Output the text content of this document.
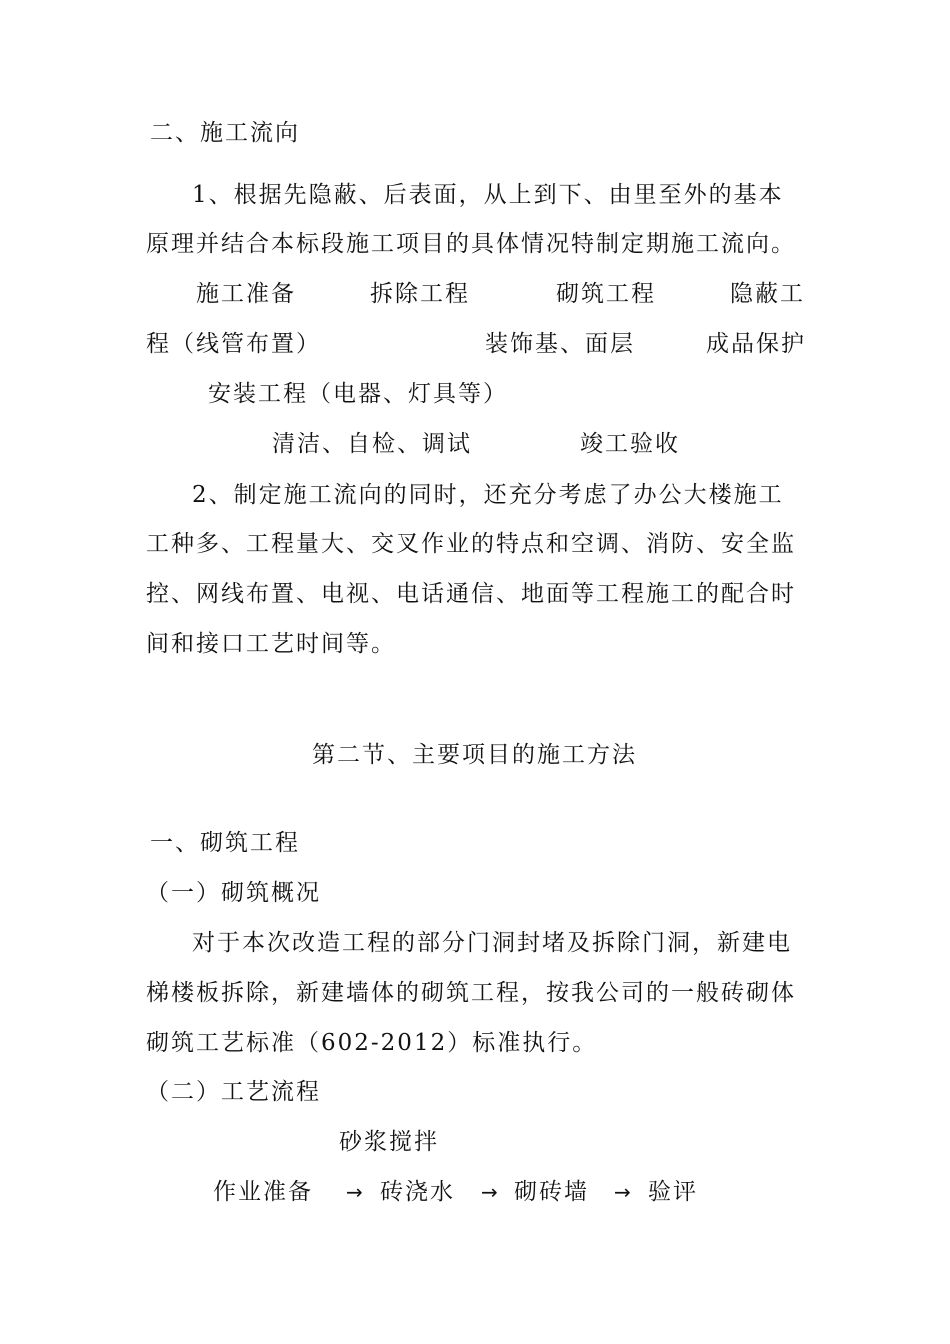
二、施工流向
1、根据先隐蔽、后表面，从上到下、由里至外的基本
原理并结合本标段施工项目的具体情况特制定期施工流向。
施工准备	拆除工程	砌筑工程	隐蔽工
程（线管布置）	装饰基、面层	成品保护
安装工程（电器、灯具等）
清洁、自检、调试	竣工验收
2、制定施工流向的同时，还充分考虑了办公大楼施工
工种多、工程量大、交叉作业的特点和空调、消防、安全监
控、网线布置、电视、电话通信、地面等工程施工的配合时
间和接口工艺时间等。
第二节、主要项目的施工方法
一、砌筑工程
（一）砌筑概况
对于本次改造工程的部分门洞封堵及拆除门洞，新建电
梯楼板拆除，新建墙体的砌筑工程，按我公司的一般砖砌体
砌筑工艺标准（602-2012）标准执行。
（二）工艺流程
砂浆搅拌
作业准备 → 砖浇水 → 砌砖墙 → 验评
